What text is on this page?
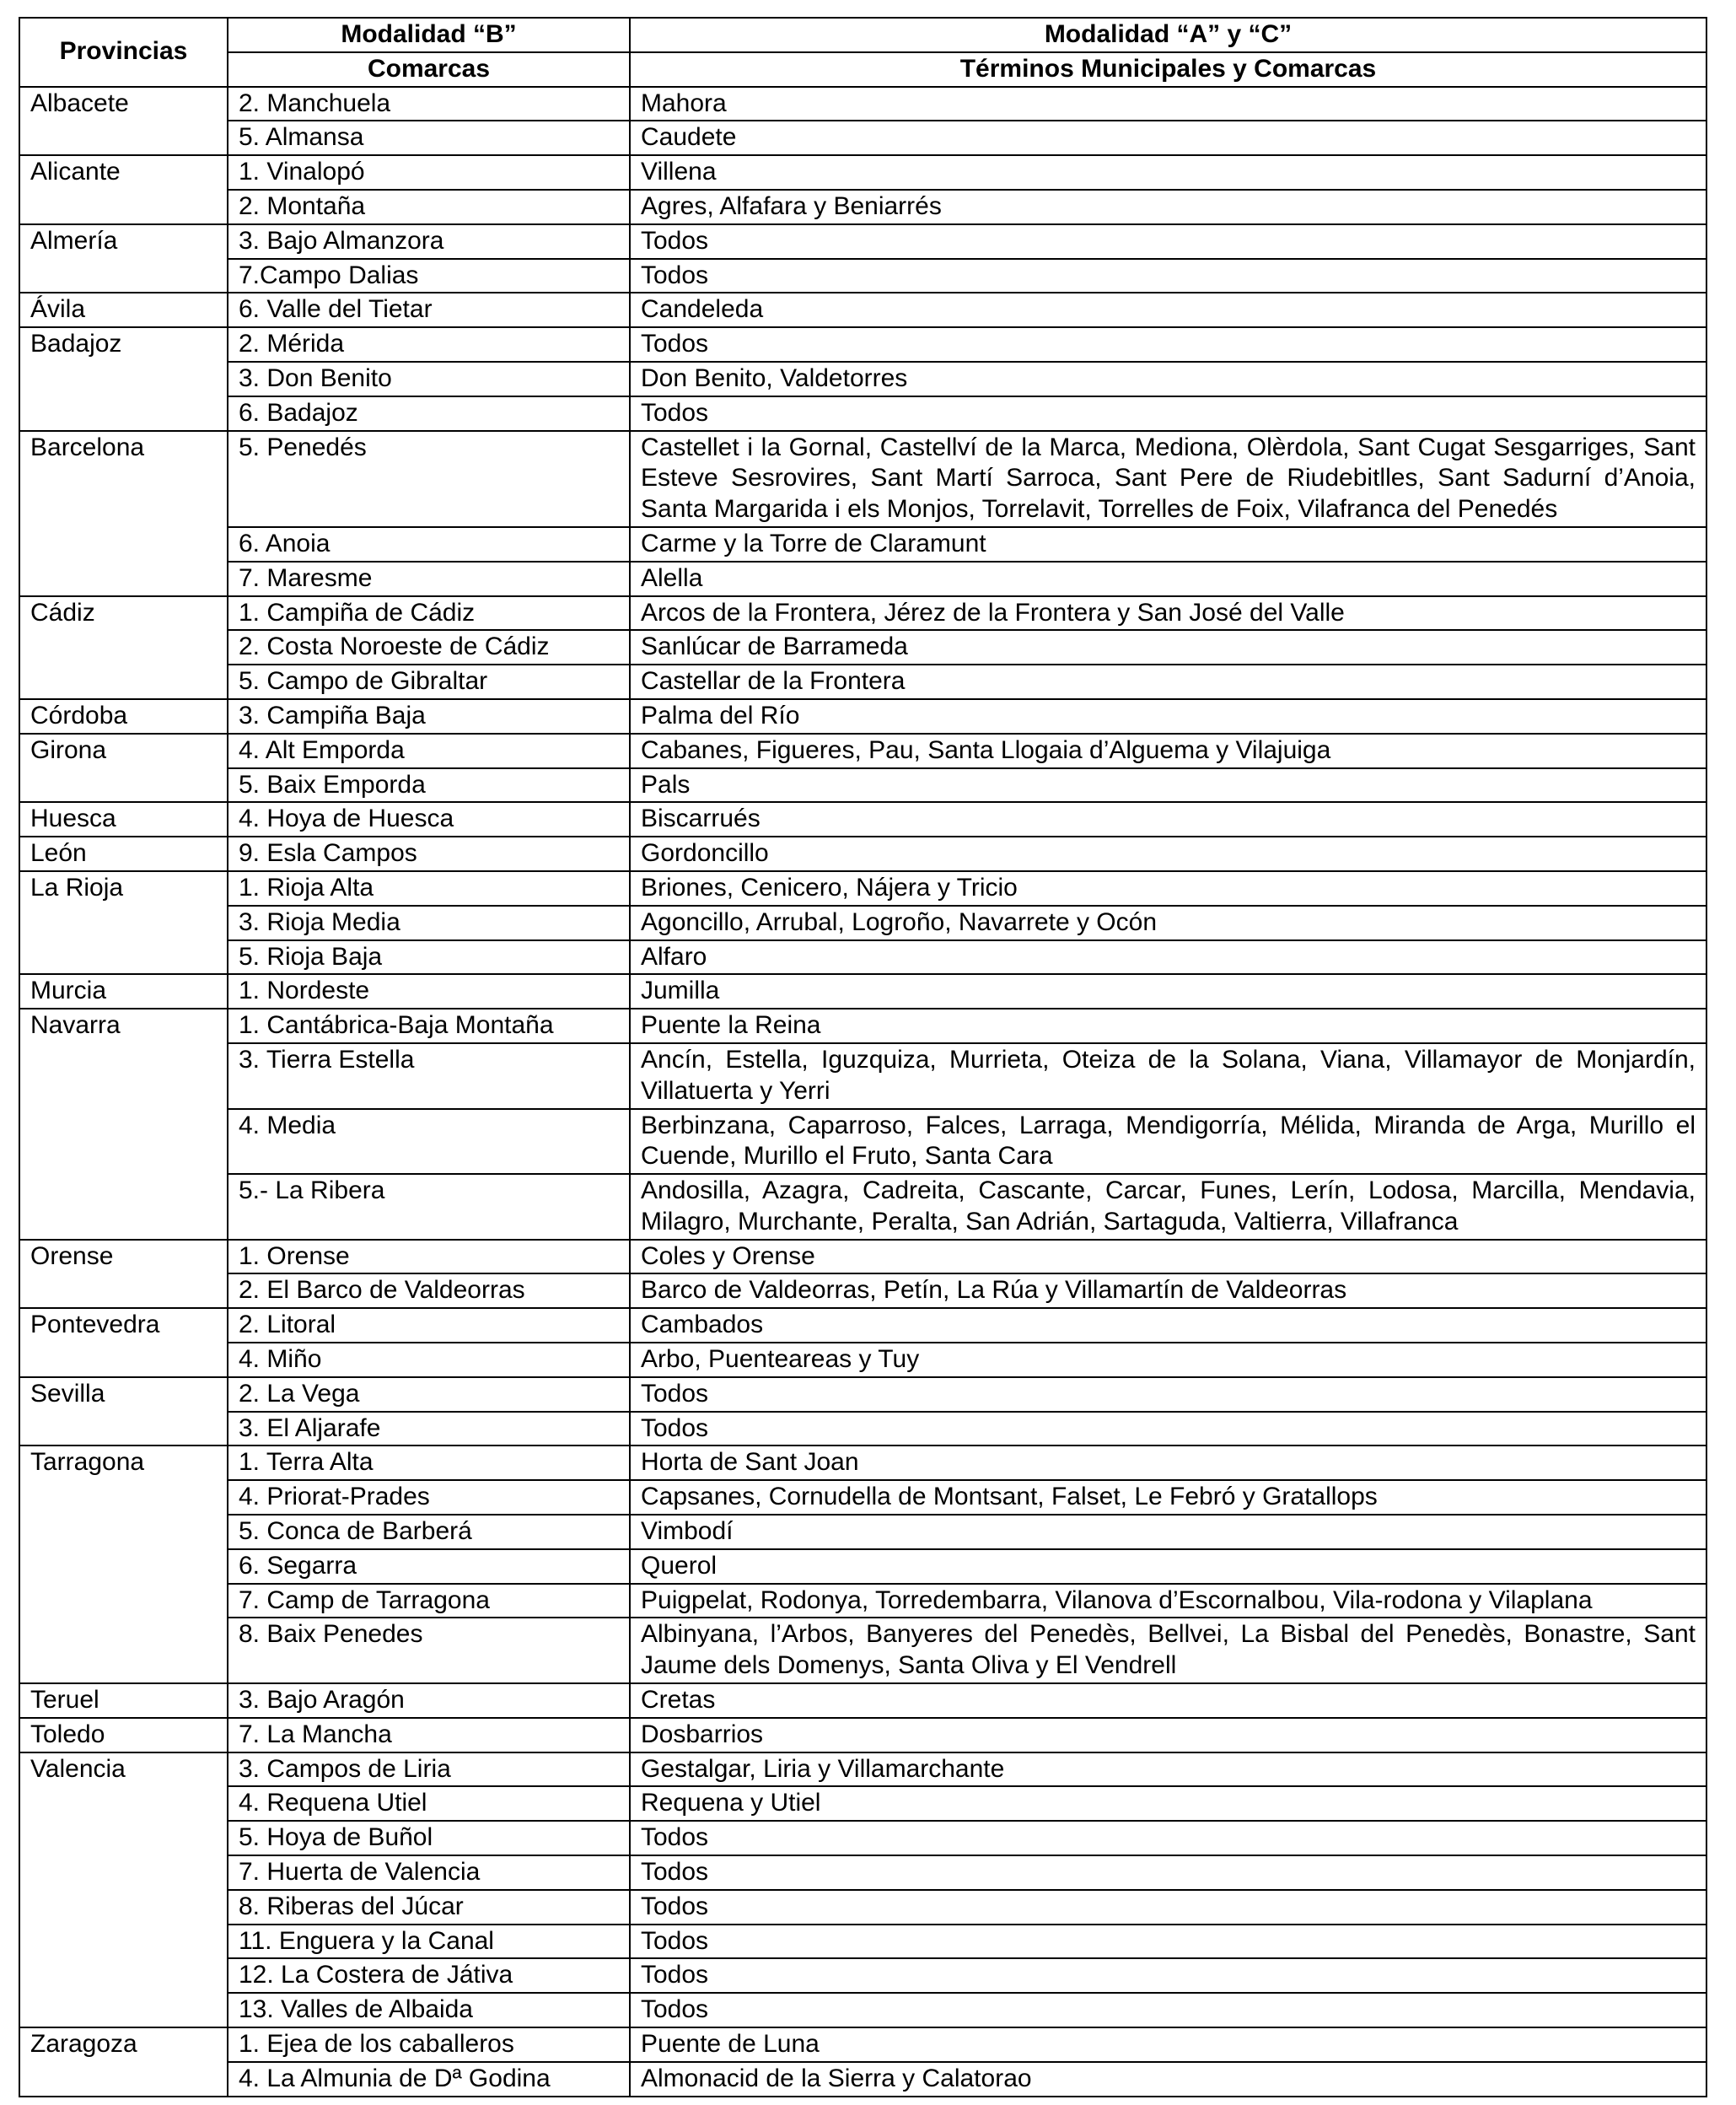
Provincias	Modalidad “B”	Modalidad “A” y “C”
	Comarcas	Términos Municipales y Comarcas
Albacete	2. Manchuela	Mahora
	5. Almansa	Caudete
Alicante	1. Vinalopó	Villena
	2. Montaña	Agres, Alfafara y Beniarrés
Almería	3. Bajo Almanzora	Todos
	7.Campo Dalias	Todos
Ávila	6. Valle del Tietar	Candeleda
Badajoz	2. Mérida	Todos
	3. Don Benito	Don Benito, Valdetorres
	6. Badajoz	Todos
Barcelona	5. Penedés	Castellet i la Gornal, Castellví de la Marca, Mediona, Olèrdola, Sant Cugat Sesgarriges, Sant Esteve Sesrovires, Sant Martí Sarroca, Sant Pere de Riudebitlles, Sant Sadurní d’Anoia, Santa Margarida i els Monjos, Torrelavit, Torrelles de Foix, Vilafranca del Penedés
	6. Anoia	Carme y la Torre de Claramunt
	7. Maresme	Alella
Cádiz	1. Campiña de Cádiz	Arcos de la Frontera, Jérez de la Frontera y San José del Valle
	2. Costa Noroeste de Cádiz	Sanlúcar de Barrameda
	5. Campo de Gibraltar	Castellar de la Frontera
Córdoba	3. Campiña Baja	Palma del Río
Girona	4. Alt Emporda	Cabanes, Figueres, Pau, Santa Llogaia d’Alguema y Vilajuiga
	5. Baix Emporda	Pals
Huesca	4. Hoya de Huesca	Biscarrués
León	9. Esla Campos	Gordoncillo
La Rioja	1. Rioja Alta	Briones, Cenicero, Nájera y Tricio
	3. Rioja Media	Agoncillo, Arrubal, Logroño, Navarrete y Ocón
	5. Rioja Baja	Alfaro
Murcia	1. Nordeste	Jumilla
Navarra	1. Cantábrica-Baja Montaña	Puente la Reina
	3. Tierra Estella	Ancín, Estella, Iguzquiza, Murrieta, Oteiza de la Solana, Viana, Villamayor de Monjardín, Villatuerta y Yerri
	4. Media	Berbinzana, Caparroso, Falces, Larraga, Mendigorría, Mélida, Miranda de Arga, Murillo el Cuende, Murillo el Fruto, Santa Cara
	5.- La Ribera	Andosilla, Azagra, Cadreita, Cascante, Carcar, Funes, Lerín, Lodosa, Marcilla, Mendavia, Milagro, Murchante, Peralta, San Adrián, Sartaguda, Valtierra, Villafranca
Orense	1. Orense	Coles y Orense
	2. El Barco de Valdeorras	Barco de Valdeorras, Petín, La Rúa y Villamartín de Valdeorras
Pontevedra	2. Litoral	Cambados
	4. Miño	Arbo, Puenteareas y Tuy
Sevilla	2. La Vega	Todos
	3. El Aljarafe	Todos
Tarragona	1. Terra Alta	Horta de Sant Joan
	4. Priorat-Prades	Capsanes, Cornudella de Montsant, Falset, Le Febró y Gratallops
	5. Conca de Barberá	Vimbodí
	6. Segarra	Querol
	7. Camp de Tarragona	Puigpelat, Rodonya, Torredembarra, Vilanova d’Escornalbou, Vila-rodona y Vilaplana
	8. Baix Penedes	Albinyana, l’Arbos, Banyeres del Penedès, Bellvei, La Bisbal del Penedès, Bonastre, Sant Jaume dels Domenys, Santa Oliva y El Vendrell
Teruel	3. Bajo Aragón	Cretas
Toledo	7. La Mancha	Dosbarrios
Valencia	3. Campos de Liria	Gestalgar, Liria y Villamarchante
	4. Requena Utiel	Requena y Utiel
	5. Hoya de Buñol	Todos
	7. Huerta de Valencia	Todos
	8. Riberas del Júcar	Todos
	11. Enguera y la Canal	Todos
	12. La Costera de Játiva	Todos
	13. Valles de Albaida	Todos
Zaragoza	1. Ejea de los caballeros	Puente de Luna
	4. La Almunia de Dª Godina	Almonacid de la Sierra y Calatorao
